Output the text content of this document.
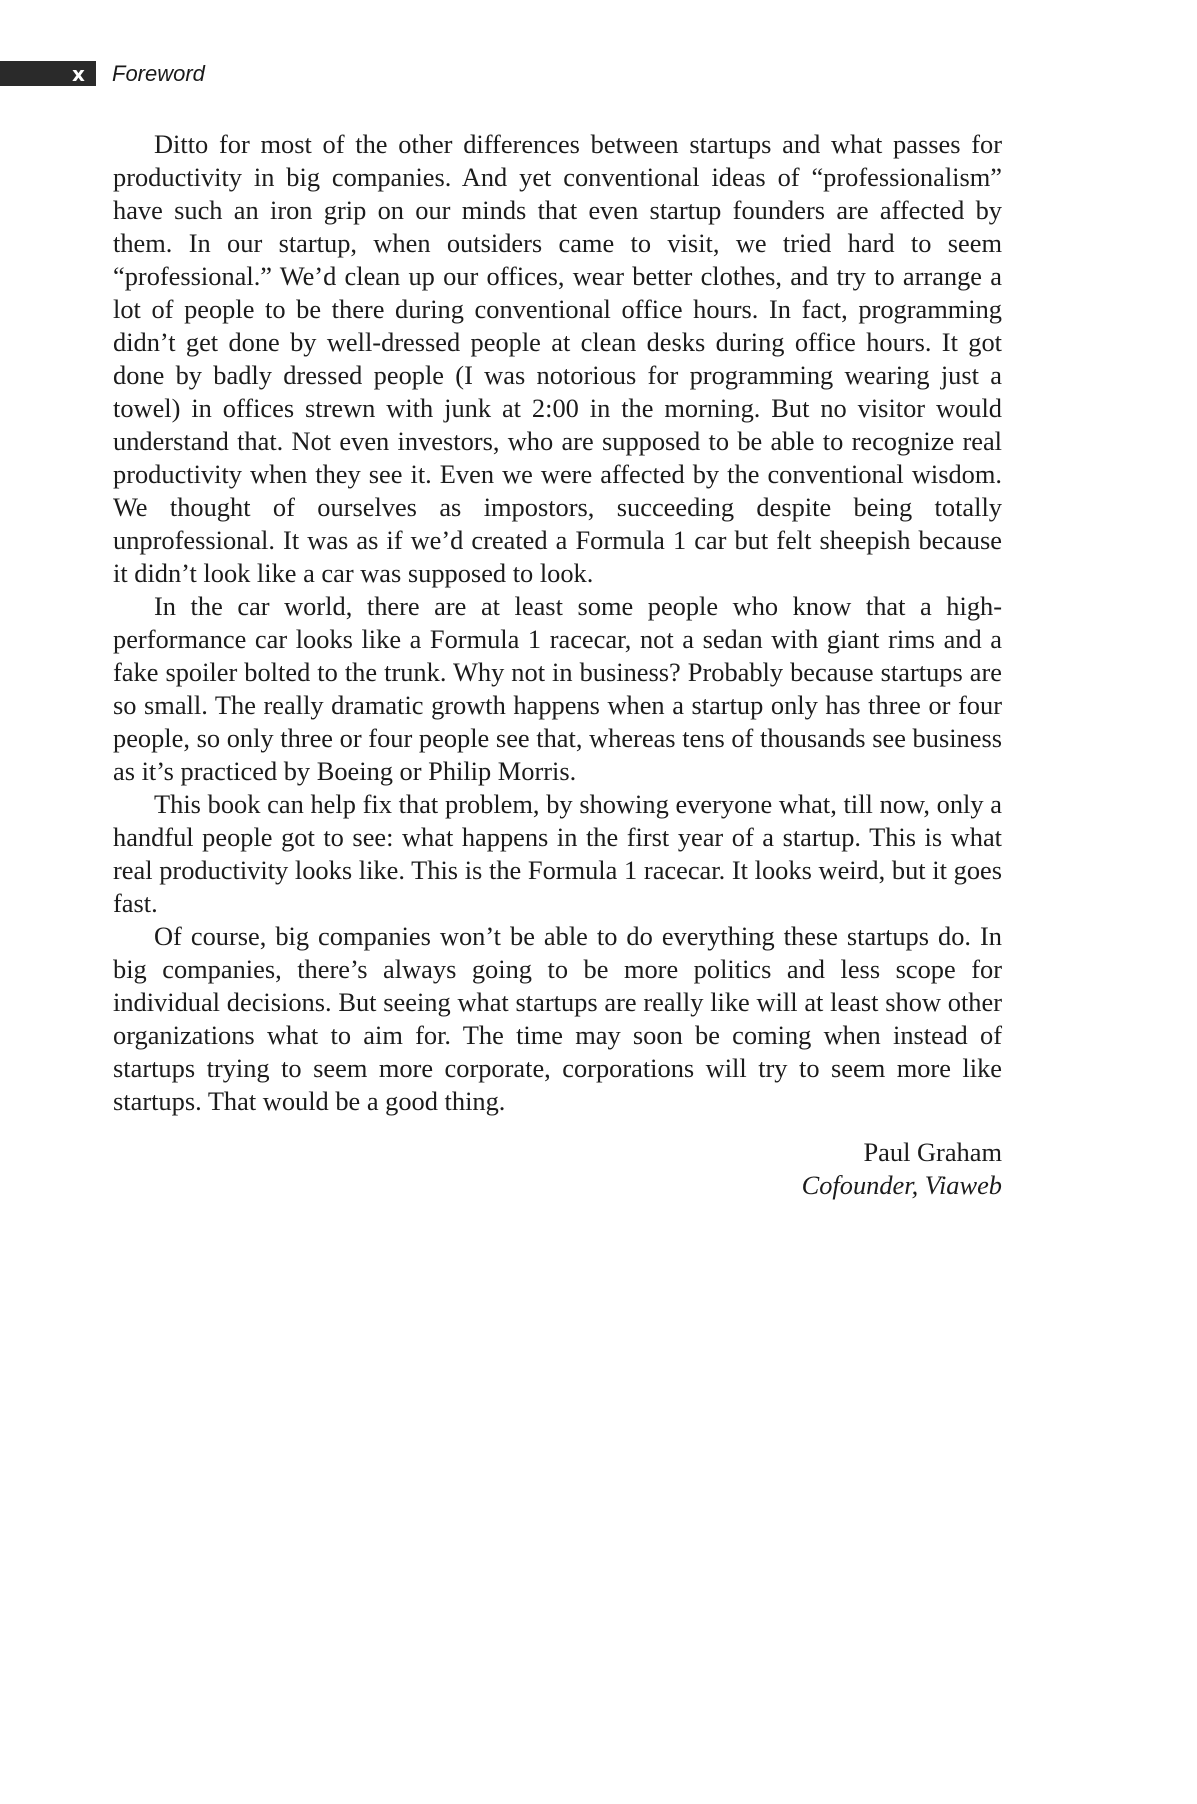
x Foreword

Ditto for most of the other differences between startups and what passes for productivity in big companies. And yet conventional ideas of “professionalism” have such an iron grip on our minds that even startup founders are affected by them. In our startup, when outsiders came to visit, we tried hard to seem “professional.” We’d clean up our offices, wear better clothes, and try to arrange a lot of people to be there during conventional office hours. In fact, programming didn’t get done by well-dressed people at clean desks during office hours. It got done by badly dressed people (I was notorious for programming wearing just a towel) in offices strewn with junk at 2:00 in the morning. But no visitor would understand that. Not even investors, who are supposed to be able to recognize real productivity when they see it. Even we were affected by the conventional wisdom. We thought of ourselves as impostors, succeeding despite being totally unprofessional. It was as if we’d created a Formula 1 car but felt sheepish because it didn’t look like a car was supposed to look.

In the car world, there are at least some people who know that a high-performance car looks like a Formula 1 racecar, not a sedan with giant rims and a fake spoiler bolted to the trunk. Why not in business? Probably because startups are so small. The really dramatic growth happens when a startup only has three or four people, so only three or four people see that, whereas tens of thousands see business as it’s practiced by Boeing or Philip Morris.

This book can help fix that problem, by showing everyone what, till now, only a handful people got to see: what happens in the first year of a startup. This is what real productivity looks like. This is the Formula 1 racecar. It looks weird, but it goes fast.

Of course, big companies won’t be able to do everything these startups do. In big companies, there’s always going to be more politics and less scope for individual decisions. But seeing what startups are really like will at least show other organizations what to aim for. The time may soon be coming when instead of startups trying to seem more corporate, corporations will try to seem more like startups. That would be a good thing.

Paul Graham
Cofounder, Viaweb
